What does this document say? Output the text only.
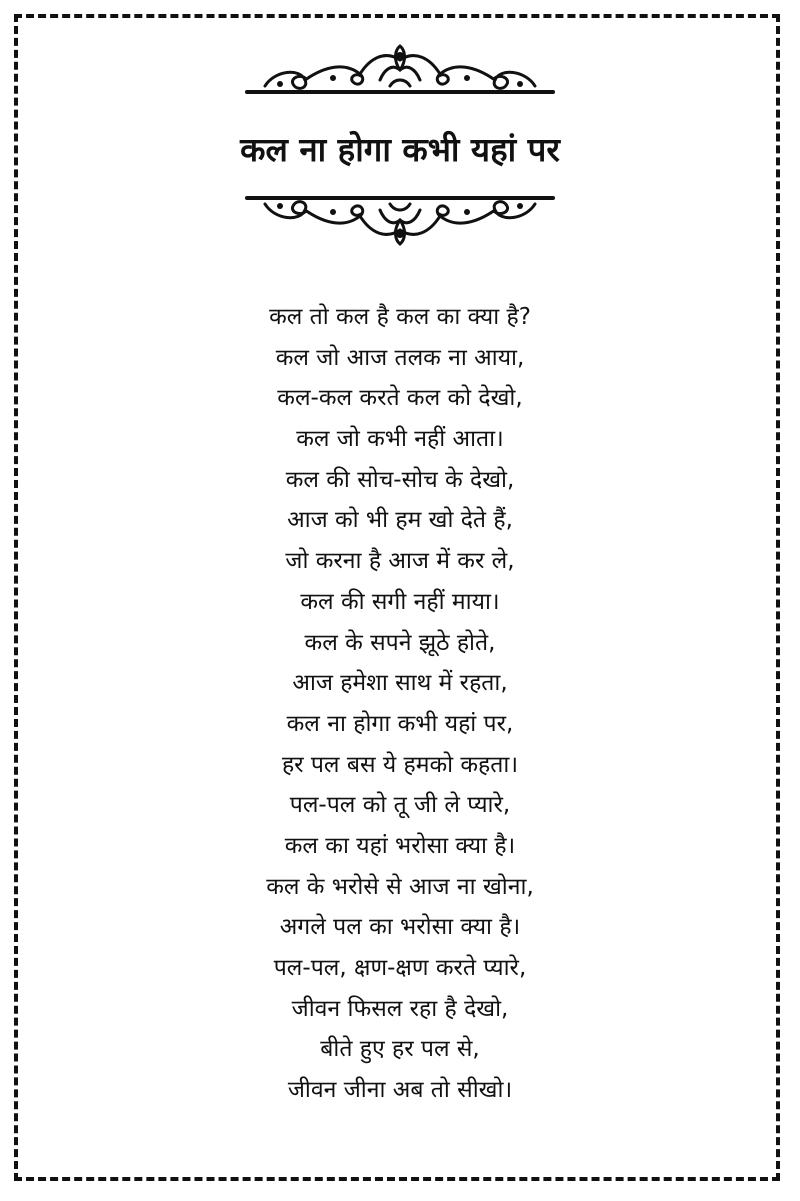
कल ना होगा कभी यहां पर
कल तो कल है कल का क्या है?
कल जो आज तलक ना आया,
कल-कल करते कल को देखो,
कल जो कभी नहीं आता।
कल की सोच-सोच के देखो,
आज को भी हम खो देते हैं,
जो करना है आज में कर ले,
कल की सगी नहीं माया।
कल के सपने झूठे होते,
आज हमेशा साथ में रहता,
कल ना होगा कभी यहां पर,
हर पल बस ये हमको कहता।
पल-पल को तू जी ले प्यारे,
कल का यहां भरोसा क्या है।
कल के भरोसे से आज ना खोना,
अगले पल का भरोसा क्या है।
पल-पल, क्षण-क्षण करते प्यारे,
जीवन फिसल रहा है देखो,
बीते हुए हर पल से,
जीवन जीना अब तो सीखो।
